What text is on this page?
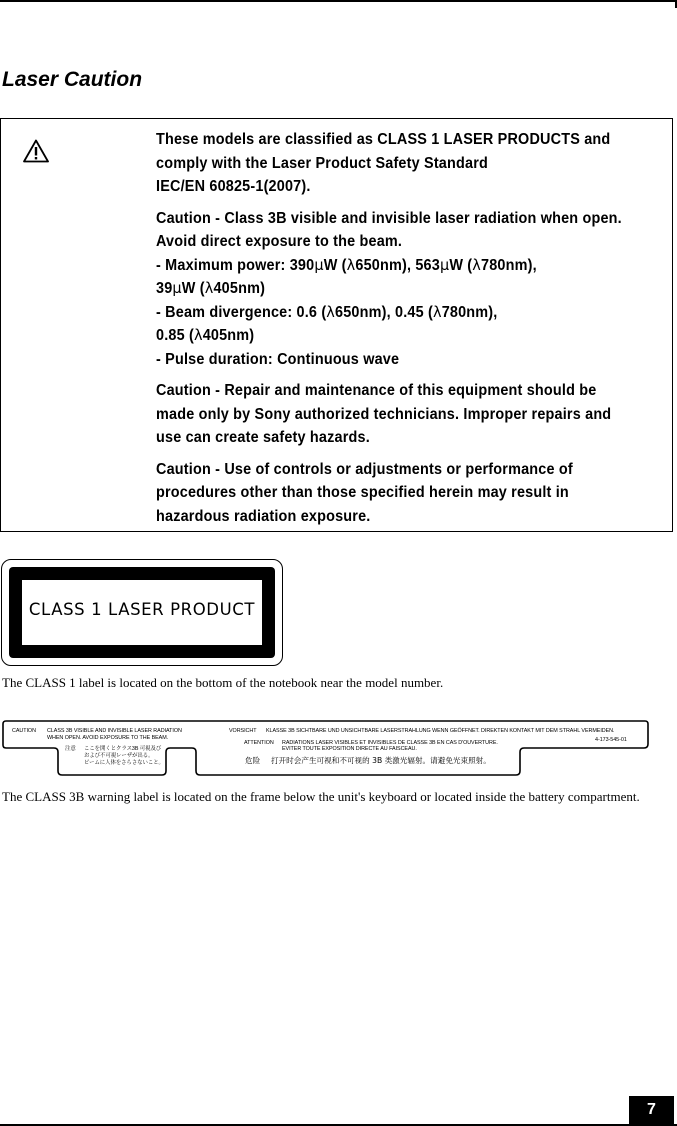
Laser Caution

These models are classified as CLASS 1 LASER PRODUCTS and comply with the Laser Product Safety Standard
IEC/EN 60825-1(2007).

Caution - Class 3B visible and invisible laser radiation when open. Avoid direct exposure to the beam.
- Maximum power: 390µW (λ650nm), 563µW (λ780nm),
39µW (λ405nm)
- Beam divergence: 0.6 (λ650nm), 0.45 (λ780nm),
0.85 (λ405nm)
- Pulse duration: Continuous wave

Caution - Repair and maintenance of this equipment should be made only by Sony authorized technicians. Improper repairs and use can create safety hazards.

Caution - Use of controls or adjustments or performance of procedures other than those specified herein may result in hazardous radiation exposure.

CLASS 1 LASER PRODUCT
The CLASS 1 label is located on the bottom of the notebook near the model number.
CAUTION CLASS 3B VISIBLE AND INVISIBLE LASER RADIATION
WHEN OPEN. AVOID EXPOSURE TO THE BEAM.
注意 ここを開くとクラス3B 可視及び
および不可視レーザが出る。
ビームに人体をさらさないこと。
VORSICHT KLASSE 3B SICHTBARE UND UNSICHTBARE LASERSTRAHLUNG WENN GEÖFFNET. DIREKTEN KONTAKT MIT DEM STRAHL VERMEIDEN.
4-173-545-01
ATTENTION RADIATIONS LASER VISIBLES ET INVISIBLES DE CLASSE 3B EN CAS D'OUVERTURE.
EVITER TOUTE EXPOSITION DIRECTE AU FAISCEAU.
危险 打开时会产生可视和不可视的 3B 类激光辐射。请避免光束照射。
The CLASS 3B warning label is located on the frame below the unit's keyboard or located inside the battery compartment.
7
